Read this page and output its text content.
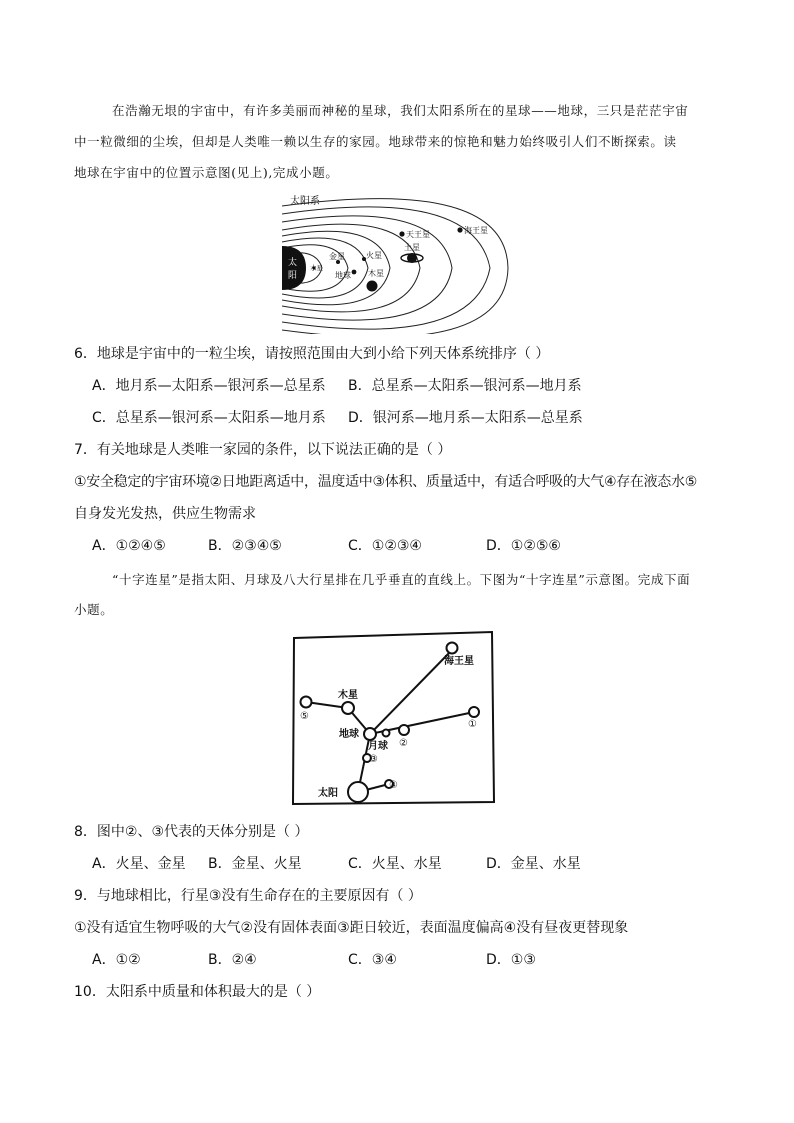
在浩瀚无垠的宇宙中，有许多美丽而神秘的星球，我们太阳系所在的星球——地球，三只是茫茫宇宙
中一粒微细的尘埃，但却是人类唯一赖以生存的家园。地球带来的惊艳和魅力始终吸引人们不断探索。读
地球在宇宙中的位置示意图(见上),完成小题。
太
阳
水星
金星
地球
火星
木星
土星
天王星	海王星
太阳系
6．地球是宇宙中的一粒尘埃，请按照范围由大到小给下列天体系统排序（ ）
A．地月系—太阳系—银河系—总星系 B．总星系—太阳系—银河系—地月系
C．总星系—银河系—太阳系—地月系 D．银河系—地月系—太阳系—总星系
7．有关地球是人类唯一家园的条件，以下说法正确的是（ ）
①安全稳定的宇宙环境②日地距离适中，温度适中③体积、质量适中，有适合呼吸的大气④存在液态水⑤
自身发光发热，供应生物需求
A．①②④⑤	B．②③④⑤	C．①②③④	D．①②⑤⑥
“十字连星”是指太阳、月球及八大行星排在几乎垂直的直线上。下图为“十字连星”示意图。完成下面
小题。
海王星
木星
地球
月球
太阳
⑤
①
②
③
④
8．图中②、③代表的天体分别是（ ）
A．火星、金星 B．金星、火星	C．火星、水星	D．金星、水星
9．与地球相比，行星③没有生命存在的主要原因有（ ）
①没有适宜生物呼吸的大气②没有固体表面③距日较近，表面温度偏高④没有昼夜更替现象
A．①②	B．②④	C．③④	D．①③
10．太阳系中质量和体积最大的是（ ）
